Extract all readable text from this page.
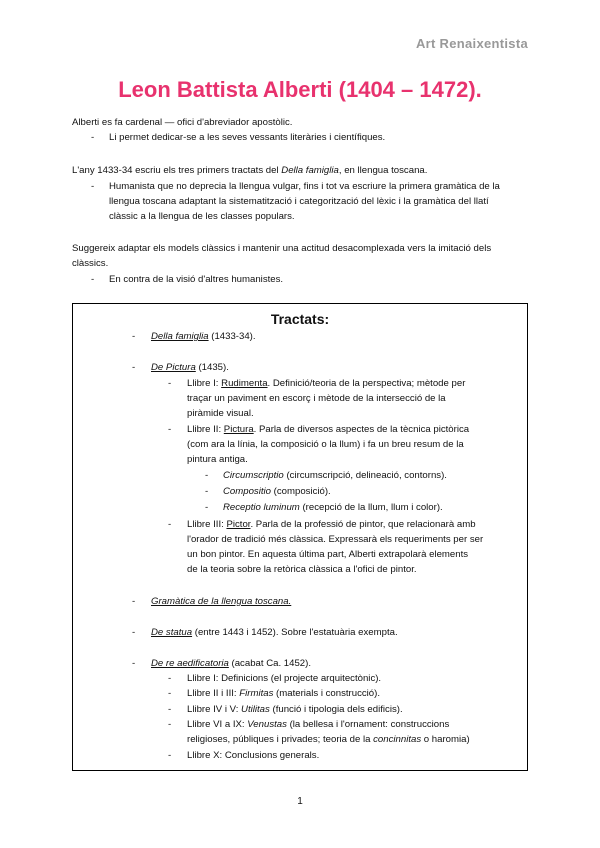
Art Renaixentista
Leon Battista Alberti (1404 – 1472).
Alberti es fa cardenal — ofici d'abreviador apostòlic.
- Li permet dedicar-se a les seves vessants literàries i científiques.
L'any 1433-34 escriu els tres primers tractats del Della famiglia, en llengua toscana.
- Humanista que no deprecia la llengua vulgar, fins i tot va escriure la primera gramàtica de la
llengua toscana adaptant la sistematització i categorització del lèxic i la gramàtica del llatí
clàssic a la llengua de les classes populars.
Suggereix adaptar els models clàssics i mantenir una actitud desacomplexada vers la imitació dels
clàssics.
- En contra de la visió d'altres humanistes.
Tractats:
- Della famiglia (1433-34).
- De Pictura (1435).
- Llibre I: Rudimenta. Definició/teoria de la perspectiva; mètode per
traçar un paviment en escorç i mètode de la intersecció de la
piràmide visual.
- Llibre II: Pictura. Parla de diversos aspectes de la tècnica pictòrica
(com ara la línia, la composició o la llum) i fa un breu resum de la
pintura antiga.
- Circumscriptio (circumscripció, delineació, contorns).
- Compositio (composició).
- Receptio luminum (recepció de la llum, llum i color).
- Llibre III: Pictor. Parla de la professió de pintor, que relacionarà amb
l'orador de tradició més clàssica. Expressarà els requeriments per ser
un bon pintor. En aquesta última part, Alberti extrapolarà elements
de la teoria sobre la retòrica clàssica a l'ofici de pintor.
- Gramàtica de la llengua toscana.
- De statua (entre 1443 i 1452). Sobre l'estatuària exempta.
- De re aedificatoria (acabat Ca. 1452).
- Llibre I: Definicions (el projecte arquitectònic).
- Llibre II i III: Firmitas (materials i construcció).
- Llibre IV i V: Utilitas (funció i tipologia dels edificis).
- Llibre VI a IX: Venustas (la bellesa i l'ornament: construccions
religioses, públiques i privades; teoria de la concinnitas o haromia)
- Llibre X: Conclusions generals.
1
